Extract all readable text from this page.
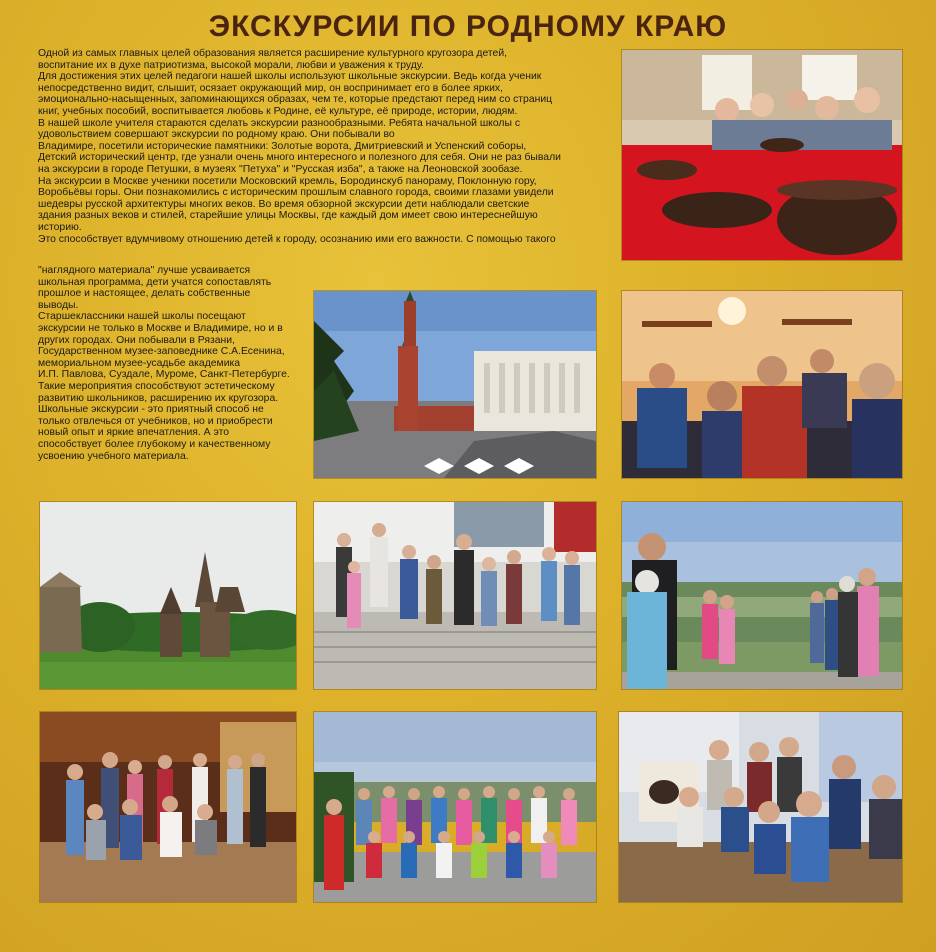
ЭКСКУРСИИ ПО РОДНОМУ КРАЮ

Одной из самых главных целей образования является расширение культурного кругозора детей,

воспитание их в духе патриотизма, высокой морали, любви и уважения к труду.

Для достижения этих целей педагоги нашей школы используют школьные экскурсии. Ведь когда ученик

непосредственно видит, слышит, осязает окружающий мир, он воспринимает его в более ярких,

эмоционально-насыщенных, запоминающихся образах, чем те, которые предстают перед ним со страниц

книг, учебных пособий, воспитывается любовь к Родине, её культуре, её природе, истории, людям.

В нашей школе учителя стараются сделать экскурсии разнообразными. Ребята начальной школы с

удовольствием совершают экскурсии по родному краю. Они побывали во

Владимире, посетили исторические памятники: Золотые ворота, Дмитриевский и Успенский соборы,

Детский исторический центр, где узнали очень много интересного и полезного для себя. Они не раз бывали

на экскурсии в городе Петушки, в музеях "Петуха" и "Русская изба", а также на Леоновской зообазе.

На экскурсии в Москве ученики посетили Московский кремль, Бородинскуб панораму, Поклонную гору,

Воробьёвы горы. Они познакомились с историческим прошлым славного города, своими глазами увидели

шедевры русской архитектуры многих веков. Во время обзорной экскурсии дети наблюдали светские

здания разных веков и стилей, старейшие улицы Москвы, где каждый дом имеет свою интереснейшую

историю.

Это способствует вдумчивому отношению детей к городу, осознанию ими его важности. С помощью такого

"наглядного материала" лучше усваивается

школьная программа, дети учатся сопоставлять

прошлое и настоящее, делать собственные

выводы.

Старшеклассники нашей школы посещают

экскурсии не только в Москве и Владимире, но и в

других городах. Они побывали в Рязани,

Государственном музее-заповеднике С.А.Есенина,

мемориальном музее-усадьбе академика

И.П. Павлова, Суздале, Муроме, Санкт-Петербурге.

Такие мероприятия способствуют эстетическому

развитию школьников, расширению их кругозора.

Школьные экскурсии - это приятный способ не

только отвлечься от учебников, но и приобрести

новый опыт и яркие впечатления. А это

способствует более глубокому и качественному

усвоению учебного материала.
